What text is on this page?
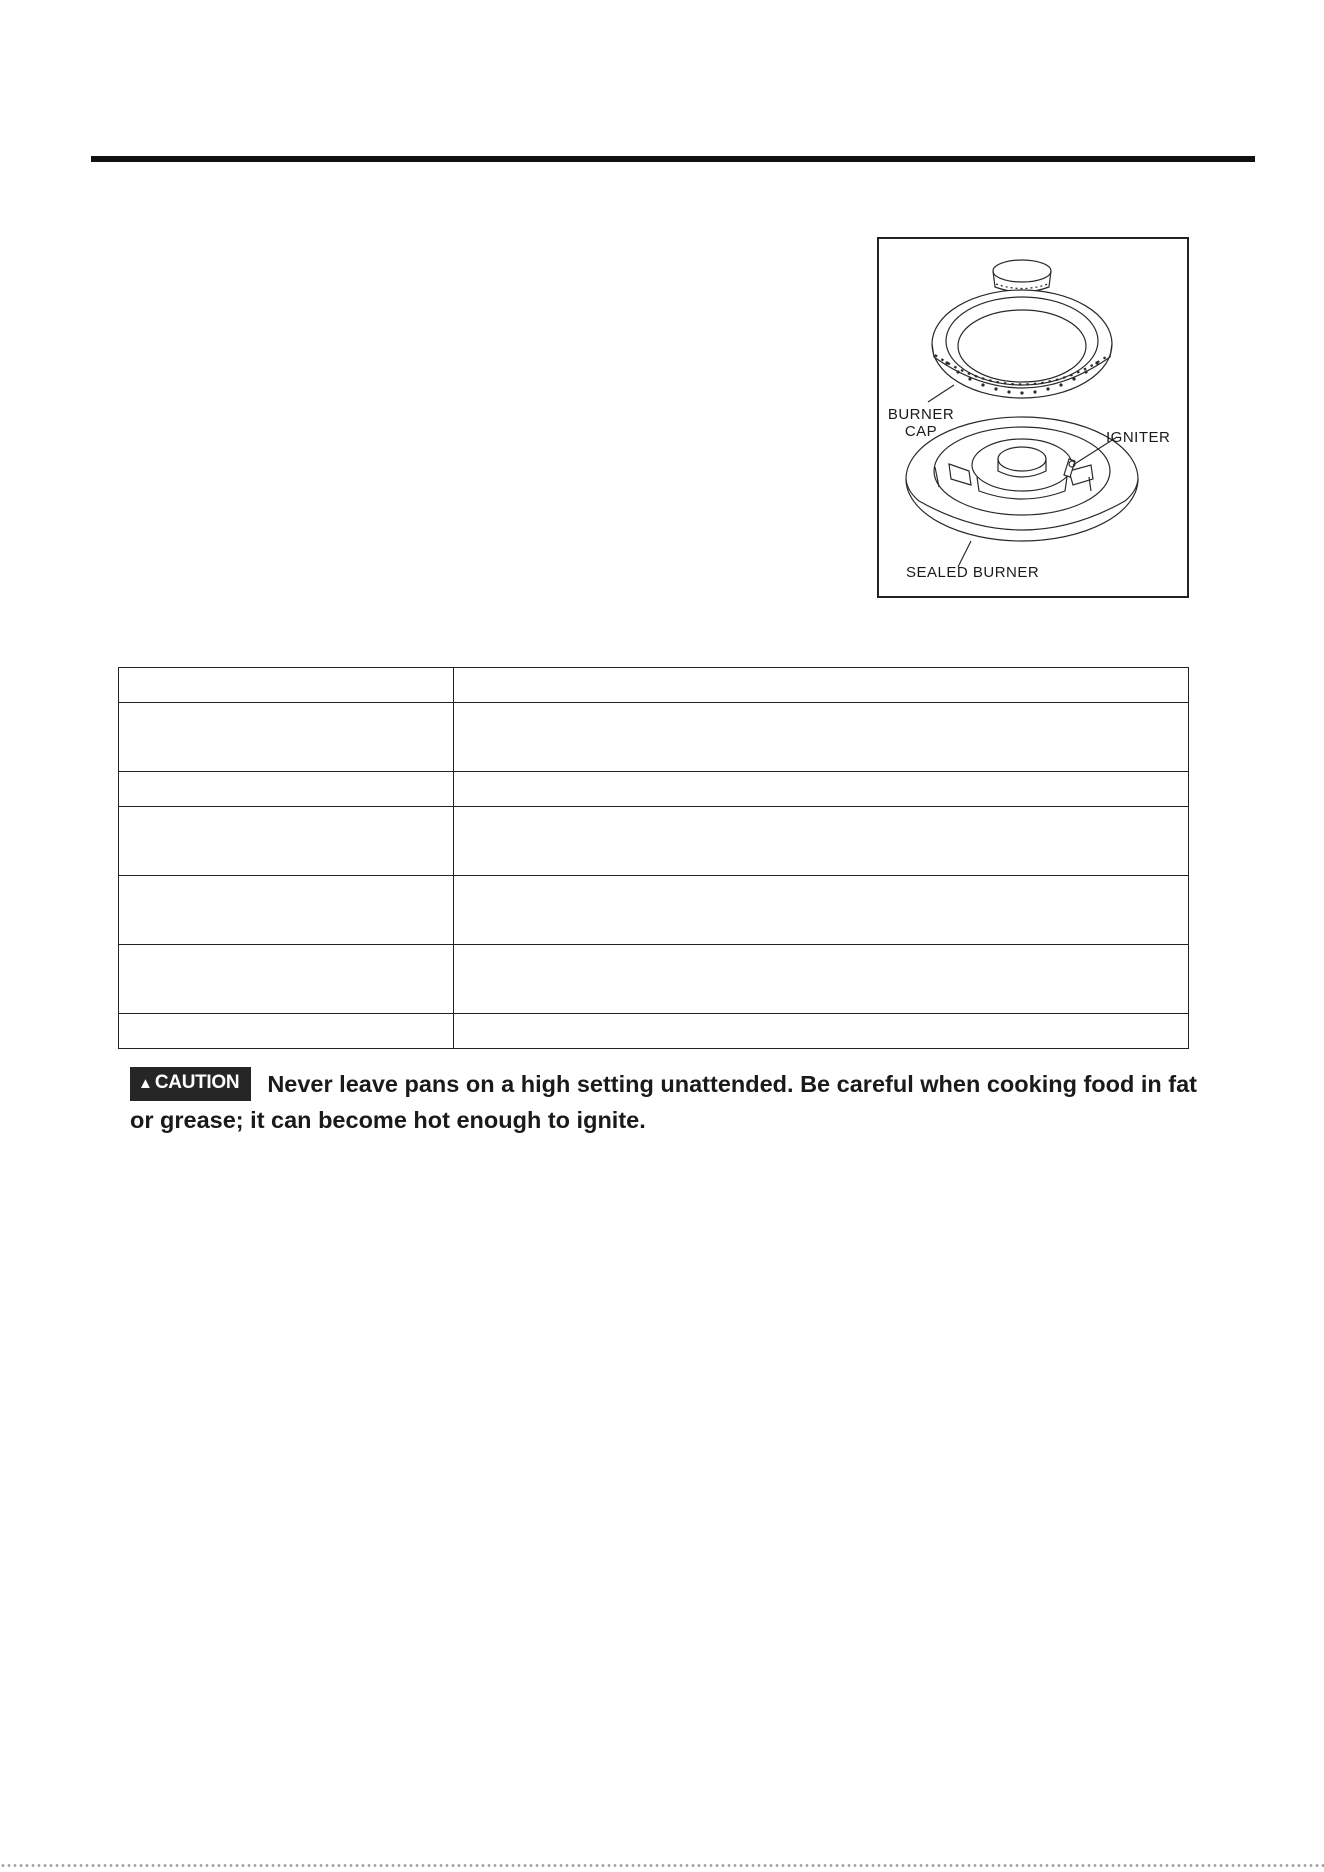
BURNER
CAP	IGNITER
SEALED BURNER

▲ CAUTION Never leave pans on a high setting unattended. Be careful when cooking food in fat or grease; it can become hot enough to ignite.
